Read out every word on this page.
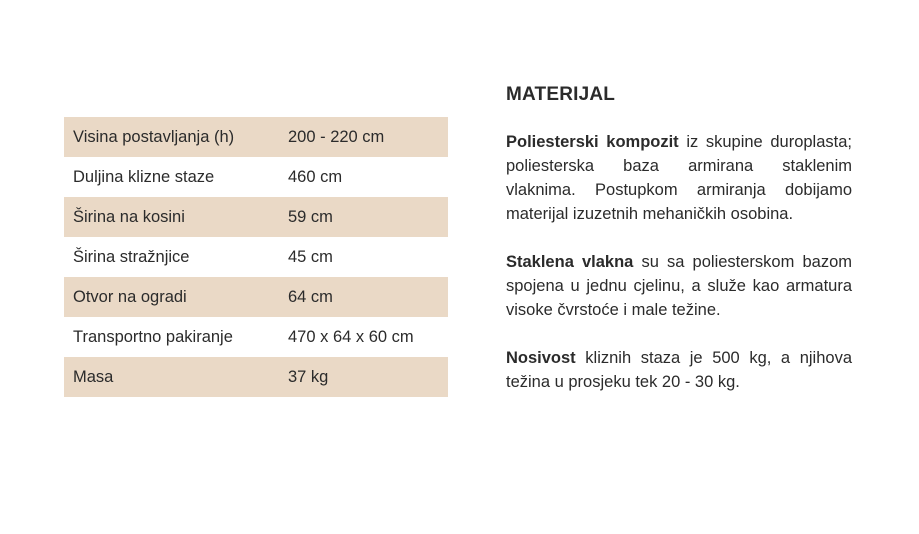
Visina postavljanja (h)	200 - 220 cm
Duljina klizne staze	460 cm
Širina na kosini	59 cm
Širina stražnjice	45 cm
Otvor na ogradi	64 cm
Transportno pakiranje	470 x 64 x 60 cm
Masa	37 kg
MATERIJAL

Poliesterski kompozit iz skupine duroplasta; poliesterska baza armirana staklenim vlaknima. Postupkom armiranja dobijamo materijal izuzetnih mehaničkih osobina.

Staklena vlakna su sa poliesterskom bazom spojena u jednu cjelinu, a služe kao armatura visoke čvrstoće i male težine.

Nosivost kliznih staza je 500 kg, a njihova težina u prosjeku tek 20 - 30 kg.
